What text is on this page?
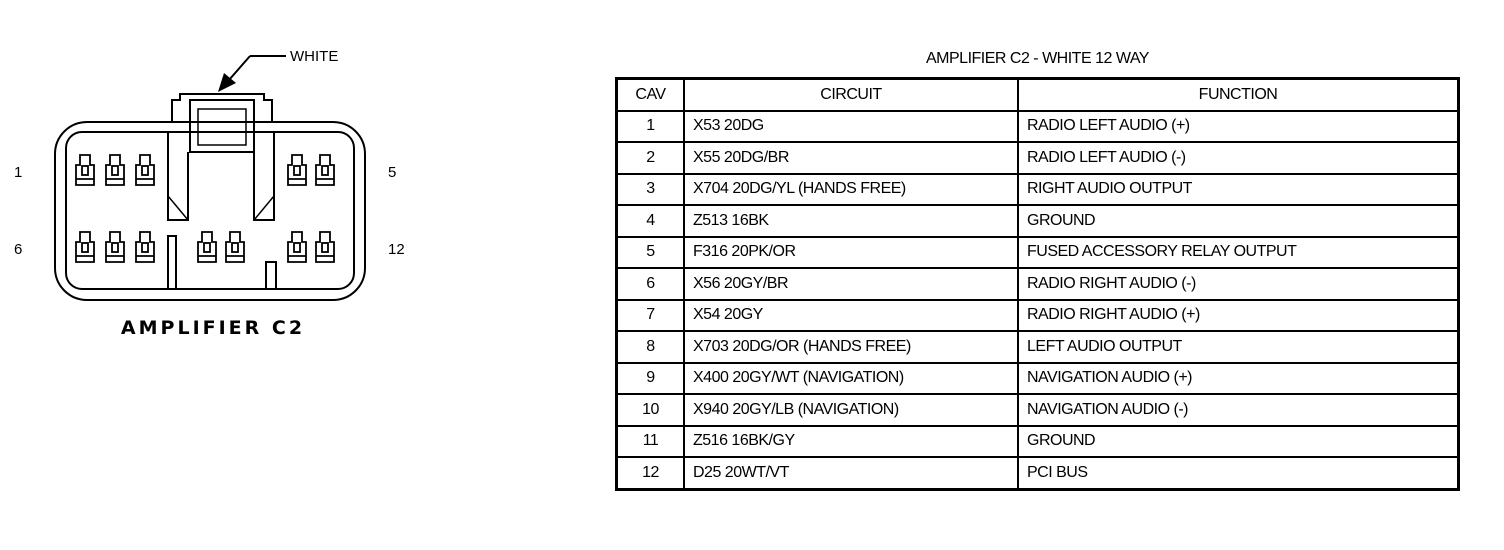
WHITE
1	5
6	12
AMPLIFIER C2
AMPLIFIER C2 - WHITE 12 WAY
CAV	CIRCUIT	FUNCTION
1	X53 20DG	RADIO LEFT AUDIO (+)
2	X55 20DG/BR	RADIO LEFT AUDIO (-)
3	X704 20DG/YL (HANDS FREE)	RIGHT AUDIO OUTPUT
4	Z513 16BK	GROUND
5	F316 20PK/OR	FUSED ACCESSORY RELAY OUTPUT
6	X56 20GY/BR	RADIO RIGHT AUDIO (-)
7	X54 20GY	RADIO RIGHT AUDIO (+)
8	X703 20DG/OR (HANDS FREE)	LEFT AUDIO OUTPUT
9	X400 20GY/WT (NAVIGATION)	NAVIGATION AUDIO (+)
10	X940 20GY/LB (NAVIGATION)	NAVIGATION AUDIO (-)
11	Z516 16BK/GY	GROUND
12	D25 20WT/VT	PCI BUS
